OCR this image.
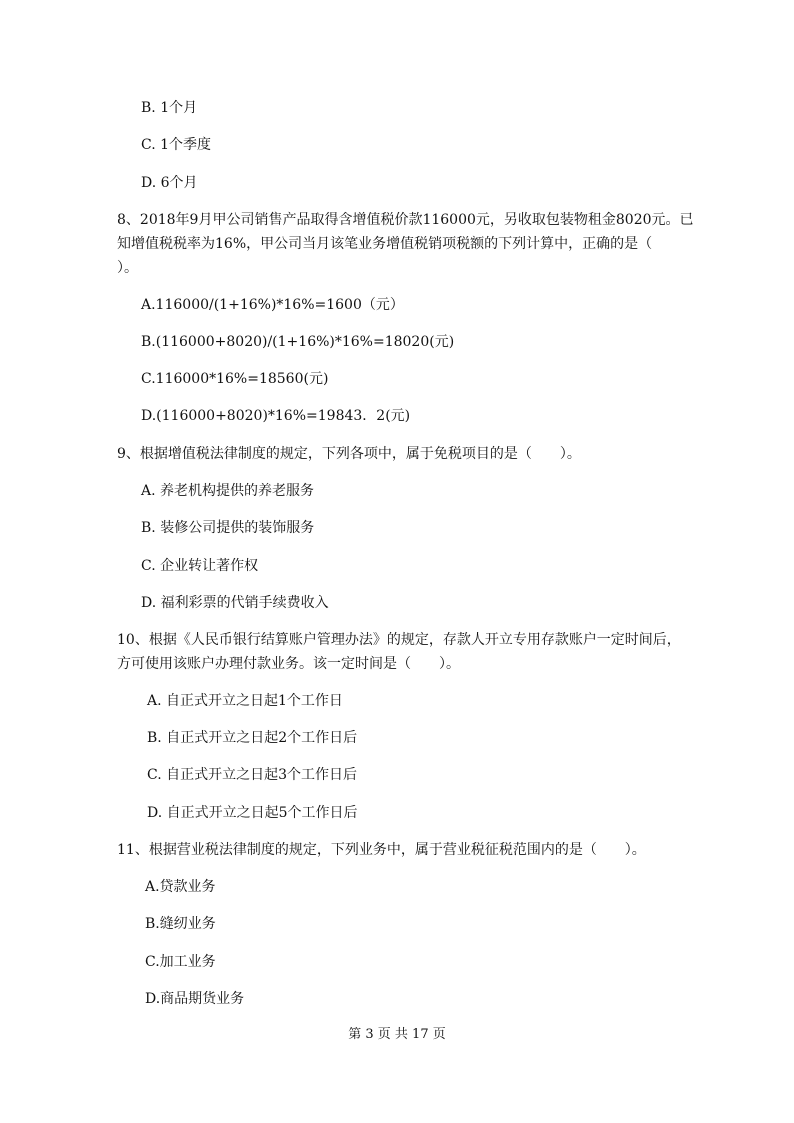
B. 1个月
C. 1个季度
D. 6个月
8、2018年9月甲公司销售产品取得含增值税价款116000元，另收取包装物租金8020元。已
知增值税税率为16%，甲公司当月该笔业务增值税销项税额的下列计算中，正确的是（
）。
A.116000/(1+16%)*16%=1600（元）
B.(116000+8020)/(1+16%)*16%=18020(元)
C.116000*16%=18560(元)
D.(116000+8020)*16%=19843．2(元)
9、根据增值税法律制度的规定，下列各项中，属于免税项目的是（　　）。
A. 养老机构提供的养老服务
B. 装修公司提供的装饰服务
C. 企业转让著作权
D. 福利彩票的代销手续费收入
10、根据《人民币银行结算账户管理办法》的规定，存款人开立专用存款账户一定时间后，
方可使用该账户办理付款业务。该一定时间是（　　）。
A. 自正式开立之日起1个工作日
B. 自正式开立之日起2个工作日后
C. 自正式开立之日起3个工作日后
D. 自正式开立之日起5个工作日后
11、根据营业税法律制度的规定，下列业务中，属于营业税征税范围内的是（　　）。
A.贷款业务
B.缝纫业务
C.加工业务
D.商品期货业务
第 3 页 共 17 页
